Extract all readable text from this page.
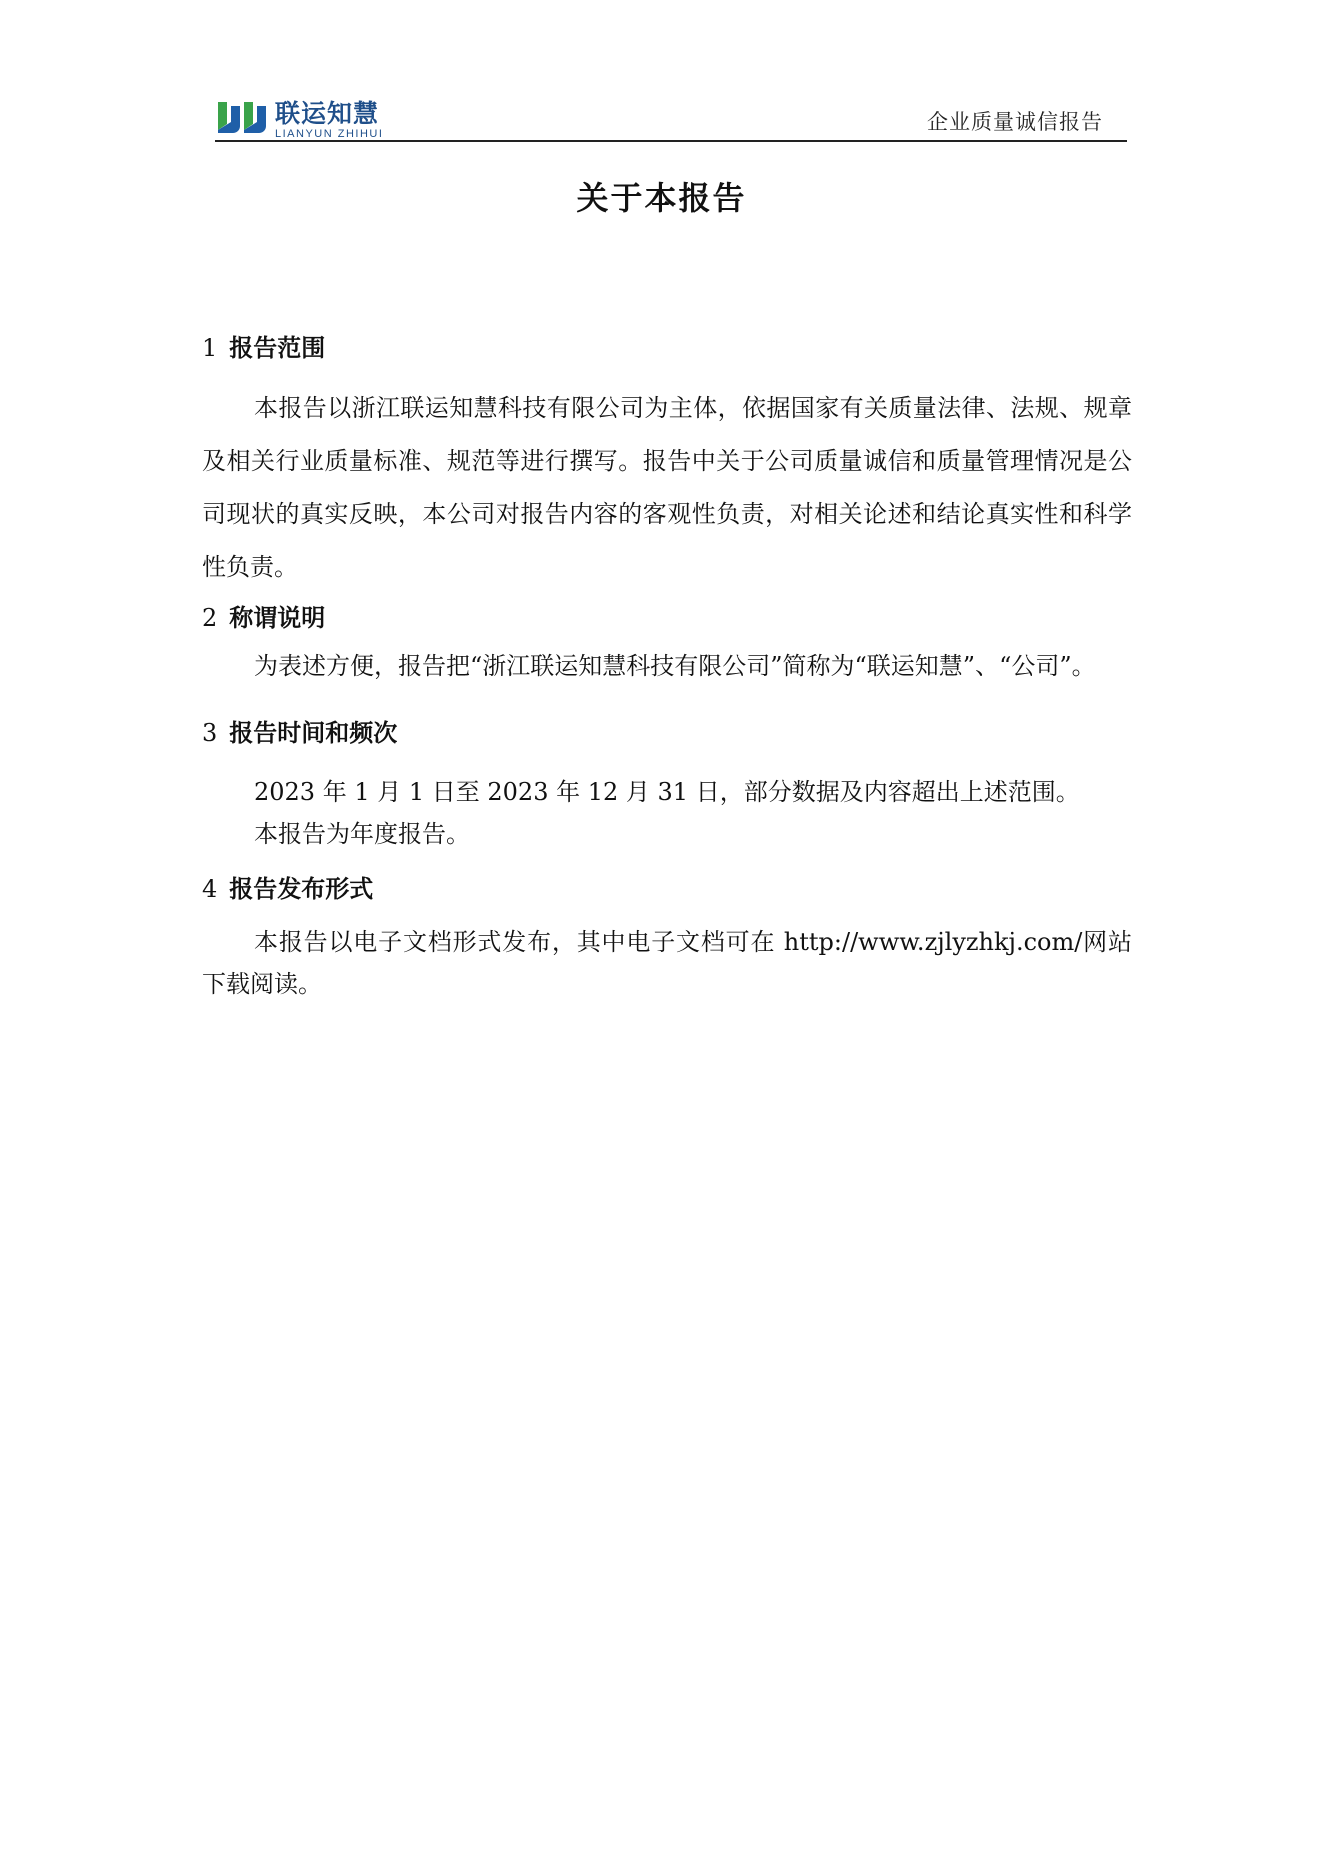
联运知慧
LIANYUN ZHIHUI	企业质量诚信报告
关于本报告

1 报告范围

本报告以浙江联运知慧科技有限公司为主体，依据国家有关质量法律、法规、规章及相关行业质量标准、规范等进行撰写。报告中关于公司质量诚信和质量管理情况是公司现状的真实反映，本公司对报告内容的客观性负责，对相关论述和结论真实性和科学性负责。

2 称谓说明

为表述方便，报告把“浙江联运知慧科技有限公司”简称为“联运知慧”、“公司”。

3 报告时间和频次

2023 年 1 月 1 日至 2023 年 12 月 31 日，部分数据及内容超出上述范围。

本报告为年度报告。

4 报告发布形式

本报告以电子文档形式发布，其中电子文档可在 http://www.zjlyzhkj.com/网站下载阅读。
